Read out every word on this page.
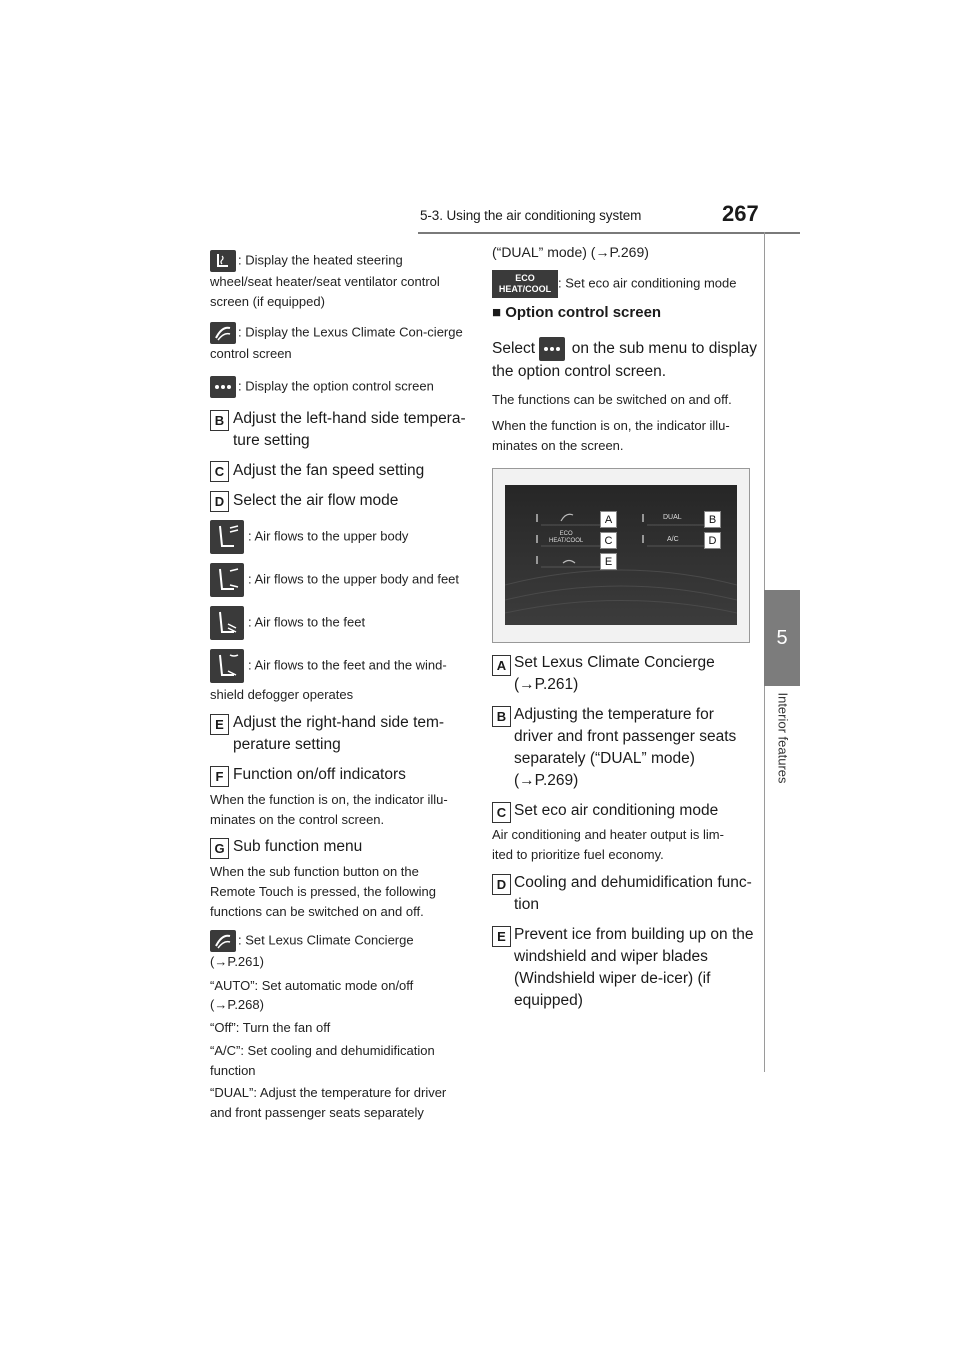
5-3. Using the air conditioning system	267
5
Interior features
: Display the heated steering wheel/seat heater/seat ventilator control screen (if equipped)
: Display the Lexus Climate Con-cierge control screen
: Display the option control screen
B Adjust the left-hand side tempera-
ture setting
C Adjust the fan speed setting
D Select the air flow mode
: Air flows to the upper body
: Air flows to the upper body and feet
: Air flows to the feet
: Air flows to the feet and the wind-
shield defogger operates
E Adjust the right-hand side tem-
perature setting
F Function on/off indicators
When the function is on, the indicator illu-
minates on the control screen.
G Sub function menu
When the sub function button on the
Remote Touch is pressed, the following
functions can be switched on and off.
: Set Lexus Climate Concierge
(→P.261)
“AUTO”: Set automatic mode on/off
(→P.268)
“Off”: Turn the fan off
“A/C”: Set cooling and dehumidification
function
“DUAL”: Adjust the temperature for driver
and front passenger seats separately
(“DUAL” mode) (→P.269)
ECO
HEAT/COOL : Set eco air conditioning mode
■ Option control screen
Select on the sub menu to display
the option control screen.
The functions can be switched on and off.
When the function is on, the indicator illu-
minates on the screen.
DUAL
ECO
HEAT/COOL	A/C
A	B
C	D
E
A Set Lexus Climate Concierge
(→P.261)
B Adjusting the temperature for
driver and front passenger seats
separately (“DUAL” mode)
(→P.269)
C Set eco air conditioning mode
Air conditioning and heater output is lim-
ited to prioritize fuel economy.
D Cooling and dehumidification func-
tion
E Prevent ice from building up on the
windshield and wiper blades
(Windshield wiper de-icer) (if
equipped)
